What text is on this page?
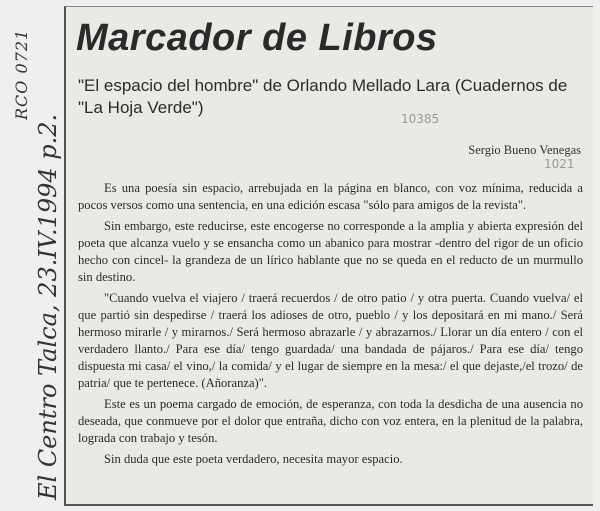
RCO 0721
El Centro Talca, 23.IV.1994 p.2.
Marcador de Libros
"El espacio del hombre" de Orlando Mellado Lara (Cuadernos de "La Hoja Verde")
10385
1021
Sergio Bueno Venegas

Es una poesía sin espacio, arrebujada en la página en blanco, con voz mínima, reducida a pocos versos como una sentencia, en una edición escasa "sólo para amigos de la revista".

Sin embargo, este reducirse, este encogerse no corresponde a la amplia y abierta expresión del poeta que alcanza vuelo y se ensancha como un abanico para mostrar -dentro del rigor de un oficio hecho con cincel- la grandeza de un lírico hablante que no se queda en el reducto de un murmullo sin destino.

"Cuando vuelva el viajero / traerá recuerdos / de otro patio / y otra puerta. Cuando vuelva/ el que partió sin despedirse / traerá los adioses de otro, pueblo / y los depositará en mi mano./ Será hermoso mirarle / y mirarnos./ Será hermoso abrazarle / y abrazarnos./ Llorar un día entero / con el verdadero llanto./ Para ese día/ tengo guardada/ una bandada de pájaros./ Para ese día/ tengo dispuesta mi casa/ el vino,/ la comida/ y el lugar de siempre en la mesa:/ el que dejaste,/el trozo/ de patria/ que te pertenece. (Añoranza)".

Este es un poema cargado de emoción, de esperanza, con toda la desdicha de una ausencia no deseada, que conmueve por el dolor que entraña, dicho con voz entera, en la plenitud de la palabra, lograda con trabajo y tesón.

Sin duda que este poeta verdadero, necesita mayor espacio.
